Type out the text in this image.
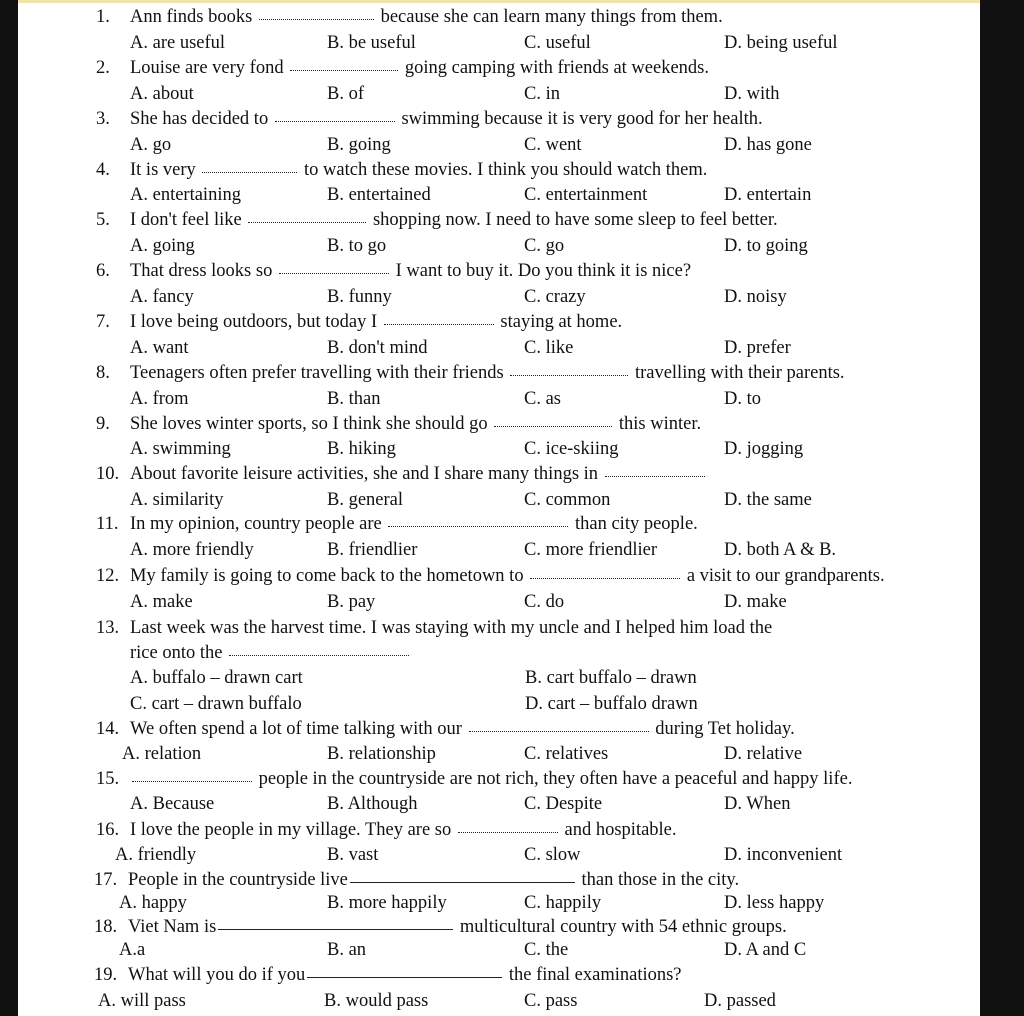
1. Ann finds books	because she can learn many things from them.
A. are useful	B. be useful	C. useful	D. being useful
2. Louise are very fond	going camping with friends at weekends.
A. about	B. of	C. in	D. with
3. She has decided to	swimming because it is very good for her health.
A. go	B. going	C. went	D. has gone
4. It is very	to watch these movies. I think you should watch them.
A. entertaining	B. entertained	C. entertainment	D. entertain
5. I don't feel like	shopping now. I need to have some sleep to feel better.
A. going	B. to go	C. go	D. to going
6. That dress looks so	I want to buy it. Do you think it is nice?
A. fancy	B. funny	C. crazy	D. noisy
7. I love being outdoors, but today I	staying at home.
A. want	B. don't mind	C. like	D. prefer
8. Teenagers often prefer travelling with their friends	travelling with their parents.
A. from	B. than	C. as	D. to
9. She loves winter sports, so I think she should go	this winter.
A. swimming	B. hiking	C. ice-skiing	D. jogging
10. About favorite leisure activities, she and I share many things in
A. similarity	B. general	C. common	D. the same
11. In my opinion, country people are	than city people.
A. more friendly	B. friendlier	C. more friendlier	D. both A & B.
12. My family is going to come back to the hometown to	a visit to our grandparents.
A. make	B. pay	C. do	D. make
13. Last week was the harvest time. I was staying with my uncle and I helped him load the
rice onto the
A. buffalo – drawn cart	B. cart buffalo – drawn
C. cart – drawn buffalo	D. cart – buffalo drawn
14. We often spend a lot of time talking with our	during Tet holiday.
A. relation	B. relationship	C. relatives	D. relative
15.	people in the countryside are not rich, they often have a peaceful and happy life.
A. Because	B. Although	C. Despite	D. When
16. I love the people in my village. They are so	and hospitable.
A. friendly	B. vast	C. slow	D. inconvenient
17. People in the countryside live	than those in the city.
A. happy	B. more happily	C. happily	D. less happy
18. Viet Nam is	multicultural country with 54 ethnic groups.
A.a	B. an	C. the	D. A and C
19. What will you do if you	the final examinations?
A. will pass	B. would pass	C. pass	D. passed
